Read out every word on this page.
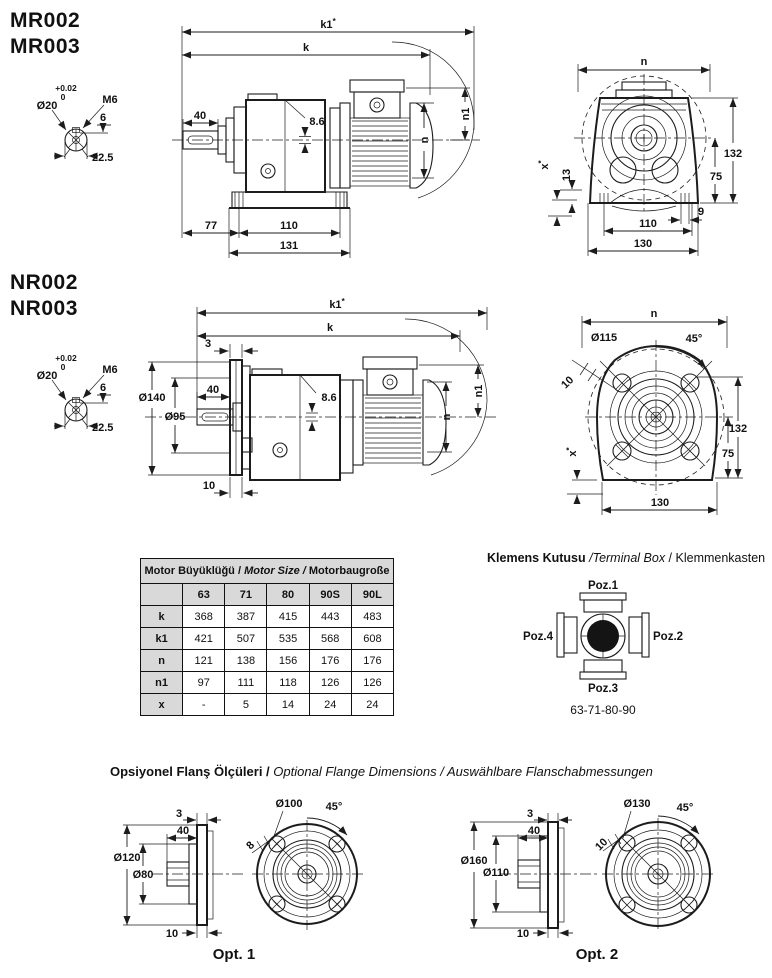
MR002
MR003
NR002
NR003
+0.02
0
Ø20	M6
6
22.5
+0.02
0
Ø20	M6
6
22.5
k1*
k
40	8.6
n
n1
77	110
131
n
132
75
x*
13
9
110
130
k1*
k
3
Ø140
Ø95
40
8.6
n
n1
10
n
Ø115	45°
10
132
75
x*
130
Poz.1
Poz.2
Poz.3
Poz.4
63-71-80-90
Ø120
3
40
Ø80
10
Ø100 45°
8
Ø160
3
40
Ø110
10
Ø130 45°
10
Motor Büyüklüğü / Motor Size / Motorbaugroße					
	63	71	80	90S	90L
k	368	387	415	443	483
k1	421	507	535	568	608
n	121	138	156	176	176
n1	97	111	118	126	126
x	-	5	14	24	24
Klemens Kutusu /Terminal Box / Klemmenkasten
Opsiyonel Flanş Ölçüleri / Optional Flange Dimensions / Auswählbare Flanschabmessungen
Opt. 1	Opt. 2
